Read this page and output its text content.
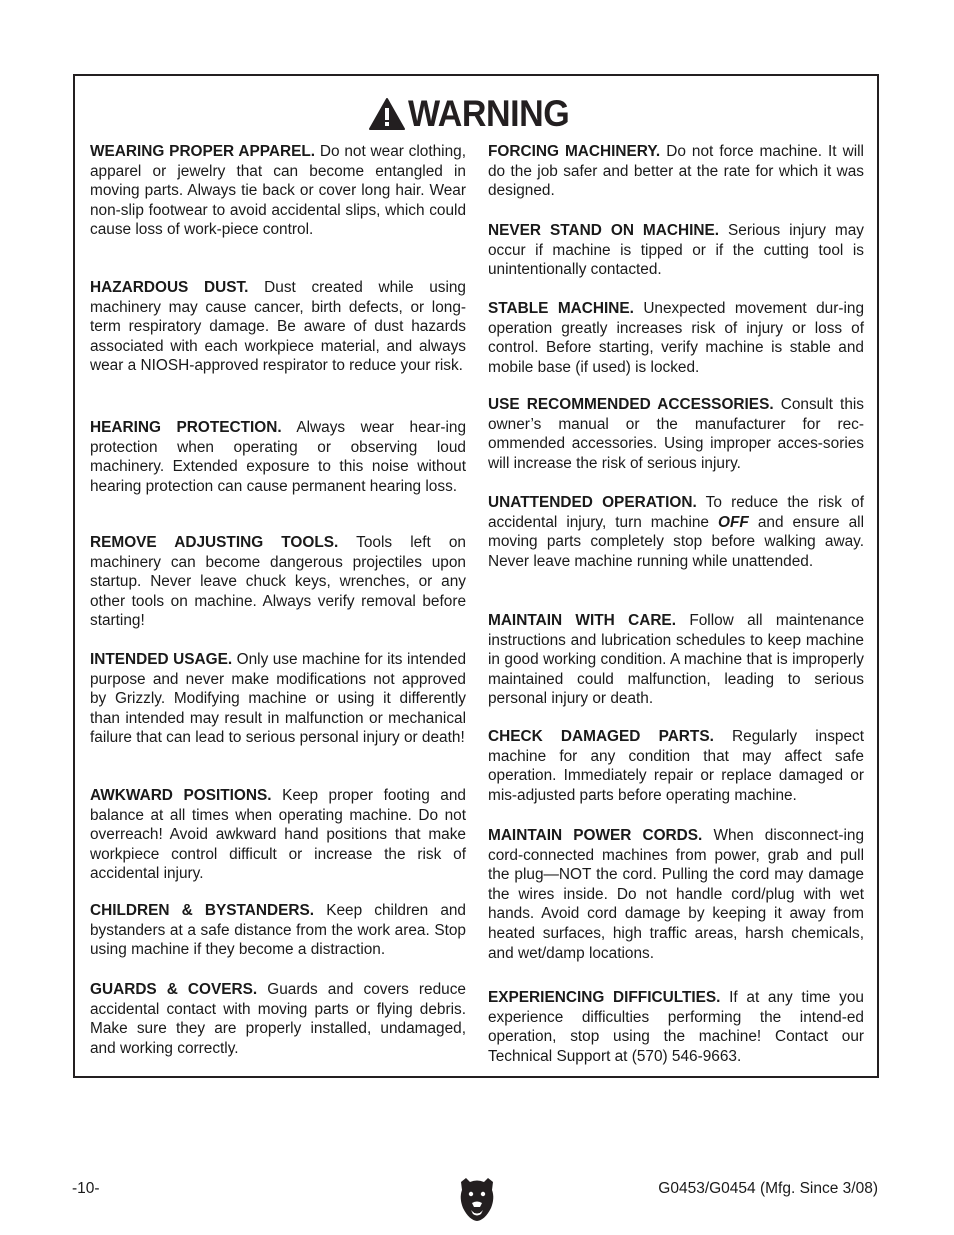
WARNING

WEARING PROPER APPAREL. Do not wear clothing, apparel or jewelry that can become entangled in moving parts. Always tie back or cover long hair. Wear non-slip footwear to avoid accidental slips, which could cause loss of work-piece control.

HAZARDOUS DUST. Dust created while using machinery may cause cancer, birth defects, or long-term respiratory damage. Be aware of dust hazards associated with each workpiece material, and always wear a NIOSH-approved respirator to reduce your risk.

HEARING PROTECTION. Always wear hear-ing protection when operating or observing loud machinery. Extended exposure to this noise without hearing protection can cause permanent hearing loss.

REMOVE ADJUSTING TOOLS. Tools left on machinery can become dangerous projectiles upon startup. Never leave chuck keys, wrenches, or any other tools on machine. Always verify removal before starting!

INTENDED USAGE. Only use machine for its intended purpose and never make modifications not approved by Grizzly. Modifying machine or using it differently than intended may result in malfunction or mechanical failure that can lead to serious personal injury or death!

AWKWARD POSITIONS. Keep proper footing and balance at all times when operating machine. Do not overreach! Avoid awkward hand positions that make workpiece control difficult or increase the risk of accidental injury.

CHILDREN & BYSTANDERS. Keep children and bystanders at a safe distance from the work area. Stop using machine if they become a distraction.

GUARDS & COVERS. Guards and covers reduce accidental contact with moving parts or flying debris. Make sure they are properly installed, undamaged, and working correctly.

FORCING MACHINERY. Do not force machine. It will do the job safer and better at the rate for which it was designed.

NEVER STAND ON MACHINE. Serious injury may occur if machine is tipped or if the cutting tool is unintentionally contacted.

STABLE MACHINE. Unexpected movement dur-ing operation greatly increases risk of injury or loss of control. Before starting, verify machine is stable and mobile base (if used) is locked.

USE RECOMMENDED ACCESSORIES. Consult this owner’s manual or the manufacturer for rec-ommended accessories. Using improper acces-sories will increase the risk of serious injury.

UNATTENDED OPERATION. To reduce the risk of accidental injury, turn machine OFF and ensure all moving parts completely stop before walking away. Never leave machine running while unattended.

MAINTAIN WITH CARE. Follow all maintenance instructions and lubrication schedules to keep machine in good working condition. A machine that is improperly maintained could malfunction, leading to serious personal injury or death.

CHECK DAMAGED PARTS. Regularly inspect machine for any condition that may affect safe operation. Immediately repair or replace damaged or mis-adjusted parts before operating machine.

MAINTAIN POWER CORDS. When disconnect-ing cord-connected machines from power, grab and pull the plug—NOT the cord. Pulling the cord may damage the wires inside. Do not handle cord/plug with wet hands. Avoid cord damage by keeping it away from heated surfaces, high traffic areas, harsh chemicals, and wet/damp locations.

EXPERIENCING DIFFICULTIES. If at any time you experience difficulties performing the intend-ed operation, stop using the machine! Contact our Technical Support at (570) 546-9663.

-10-	G0453/G0454 (Mfg. Since 3/08)
